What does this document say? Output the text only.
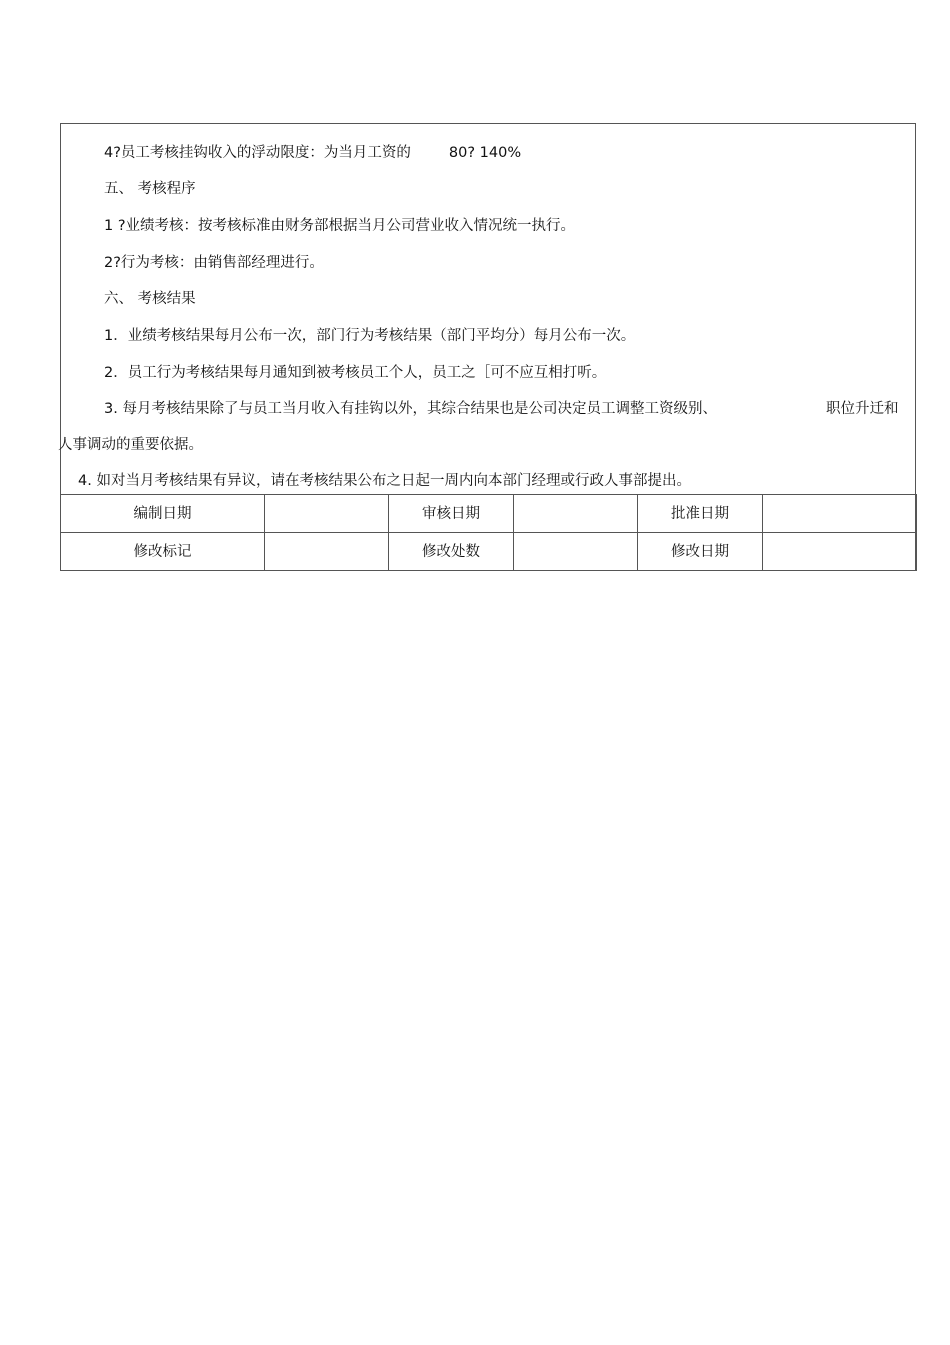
4?员工考核挂钩收入的浮动限度：为当月工资的	80? 140%
五、 考核程序
1 ?业绩考核：按考核标准由财务部根据当月公司营业收入情况统一执行。
2?行为考核：由销售部经理进行。
六、 考核结果
1．业绩考核结果每月公布一次，部门行为考核结果（部门平均分）每月公布一次。
2．员工行为考核结果每月通知到被考核员工个人，员工之［可不应互相打听。
3. 每月考核结果除了与员工当月收入有挂钩以外，其综合结果也是公司决定员工调整工资级别、	职位升迁和
人事调动的重要依据。
4. 如对当月考核结果有异议，请在考核结果公布之日起一周内向本部门经理或行政人事部提出。
编制日期		审核日期		批准日期	
修改标记		修改处数		修改日期	
